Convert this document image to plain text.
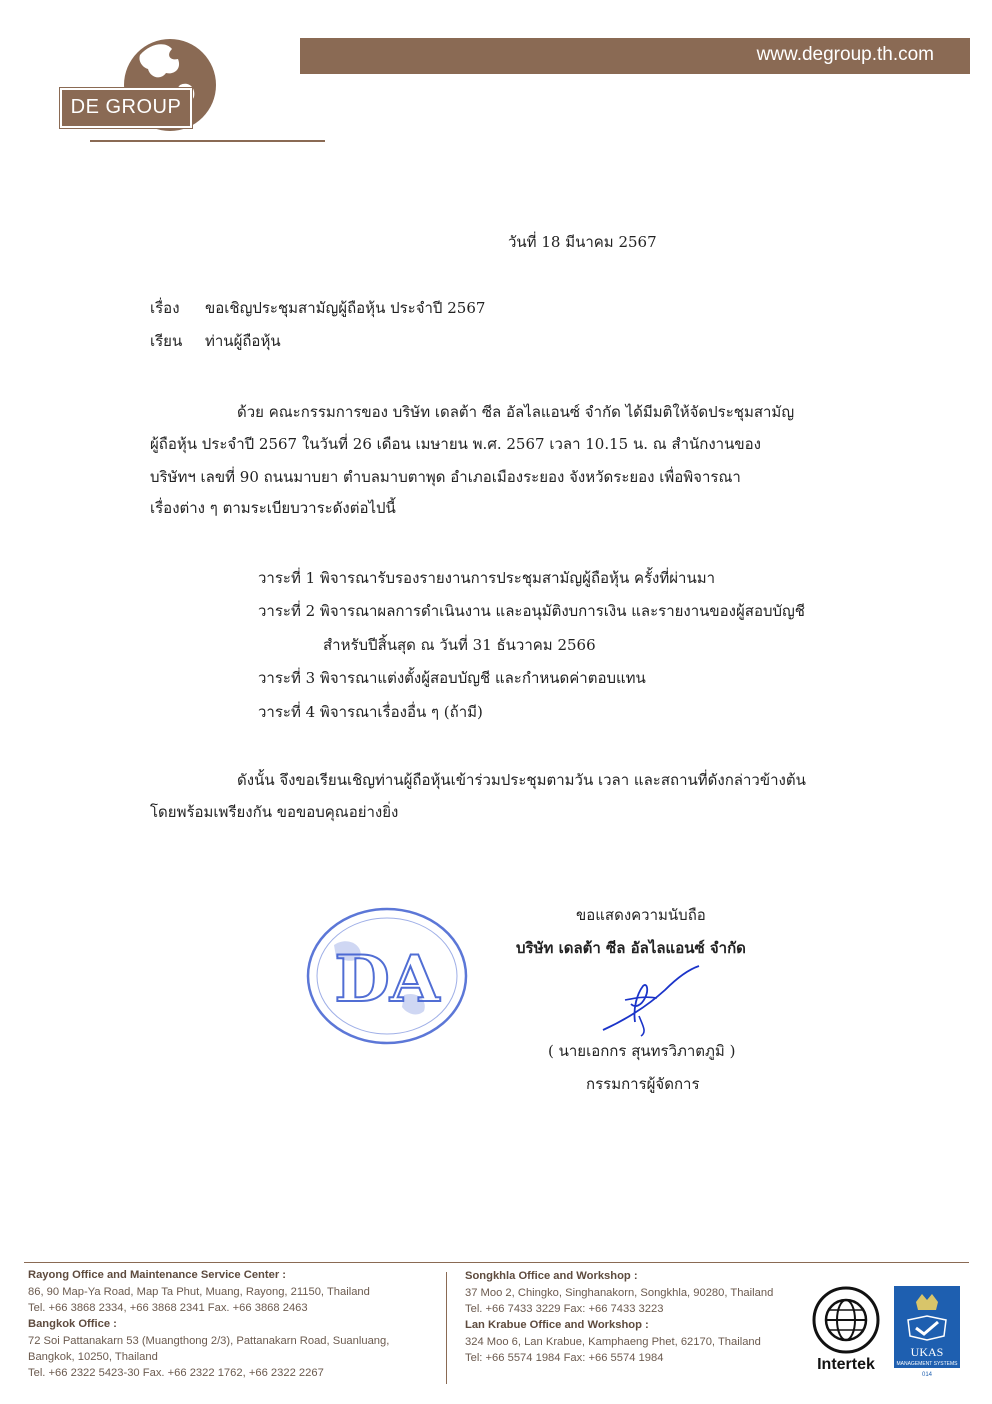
www.degroup.th.com
DE GROUP
วันที่ 18 มีนาคม 2567
เรื่อง ขอเชิญประชุมสามัญผู้ถือหุ้น ประจำปี 2567
เรียน ท่านผู้ถือหุ้น
ด้วย คณะกรรมการของ บริษัท เดลต้า ซีล อัลไลแอนซ์ จำกัด ได้มีมติให้จัดประชุมสามัญ
ผู้ถือหุ้น ประจำปี 2567 ในวันที่ 26 เดือน เมษายน พ.ศ. 2567 เวลา 10.15 น. ณ สำนักงานของ
บริษัทฯ เลขที่ 90 ถนนมาบยา ตำบลมาบตาพุด อำเภอเมืองระยอง จังหวัดระยอง เพื่อพิจารณา
เรื่องต่าง ๆ ตามระเบียบวาระดังต่อไปนี้
วาระที่ 1 พิจารณารับรองรายงานการประชุมสามัญผู้ถือหุ้น ครั้งที่ผ่านมา
วาระที่ 2 พิจารณาผลการดำเนินงาน และอนุมัติงบการเงิน และรายงานของผู้สอบบัญชี
สำหรับปีสิ้นสุด ณ วันที่ 31 ธันวาคม 2566
วาระที่ 3 พิจารณาแต่งตั้งผู้สอบบัญชี และกำหนดค่าตอบแทน
วาระที่ 4 พิจารณาเรื่องอื่น ๆ (ถ้ามี)
ดังนั้น จึงขอเรียนเชิญท่านผู้ถือหุ้นเข้าร่วมประชุมตามวัน เวลา และสถานที่ดังกล่าวข้างต้น
โดยพร้อมเพรียงกัน ขอขอบคุณอย่างยิ่ง
ขอแสดงความนับถือ
บริษัท เดลต้า ซีล อัลไลแอนซ์ จำกัด
DA
( นายเอกกร สุนทรวิภาตภูมิ )
กรรมการผู้จัดการ
Rayong Office and Maintenance Service Center :
86, 90 Map-Ya Road, Map Ta Phut, Muang, Rayong, 21150, Thailand
Tel. +66 3868 2334, +66 3868 2341 Fax. +66 3868 2463
Bangkok Office :
72 Soi Pattanakarn 53 (Muangthong 2/3), Pattanakarn Road, Suanluang,
Bangkok, 10250, Thailand
Tel. +66 2322 5423-30 Fax. +66 2322 1762, +66 2322 2267
Songkhla Office and Workshop :
37 Moo 2, Chingko, Singhanakorn, Songkhla, 90280, Thailand
Tel. +66 7433 3229 Fax: +66 7433 3223
Lan Krabue Office and Workshop :
324 Moo 6, Lan Krabue, Kamphaeng Phet, 62170, Thailand
Tel: +66 5574 1984 Fax: +66 5574 1984	Intertek
UKAS
MANAGEMENT SYSTEMS
014
